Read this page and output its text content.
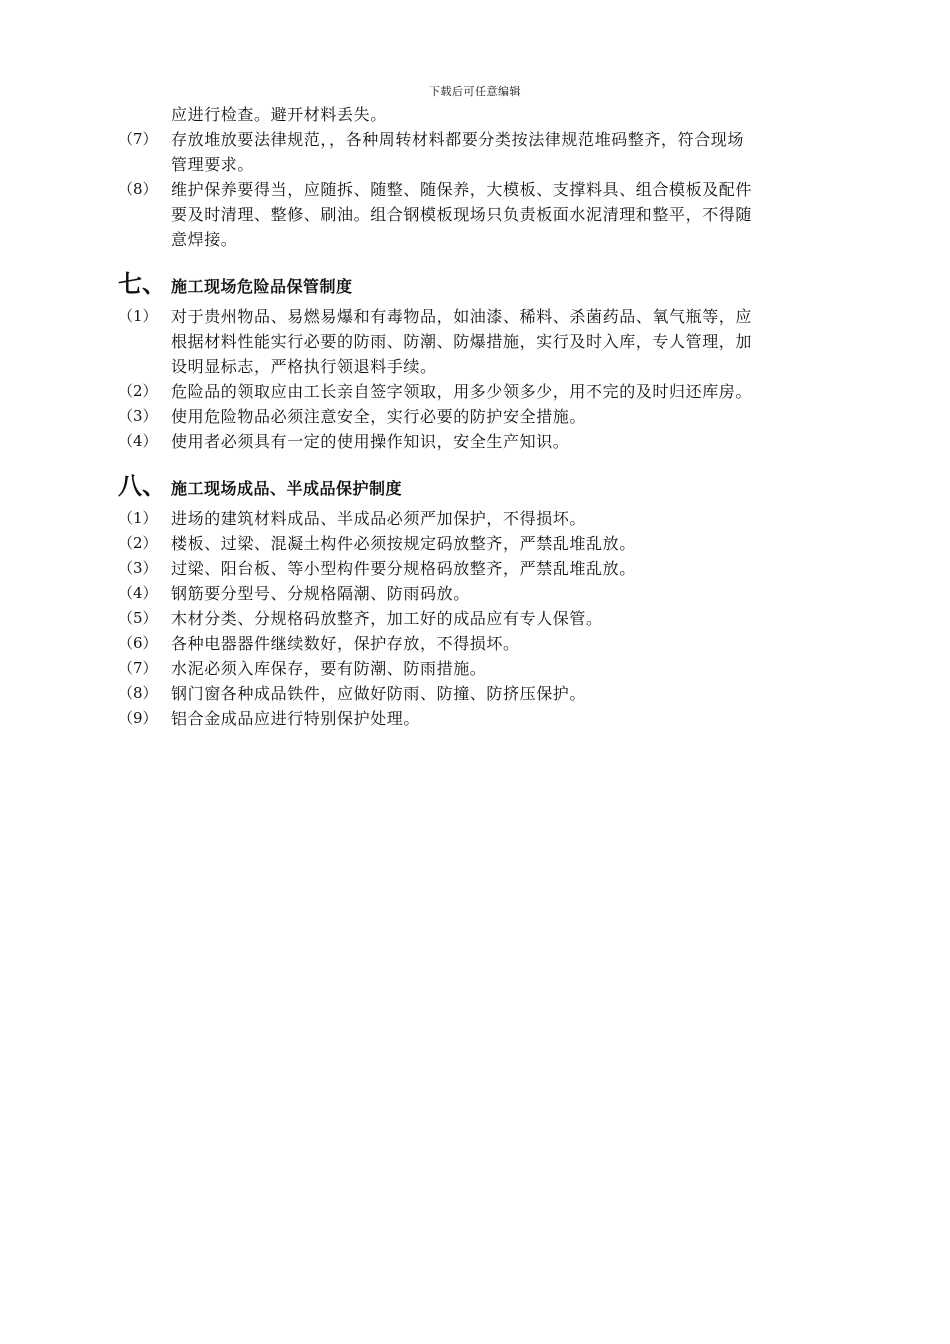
下载后可任意编辑
应进行检查。避开材料丢失。
（7） 存放堆放要法律规范，，各种周转材料都要分类按法律规范堆码整齐，符合现场
管理要求。
（8） 维护保养要得当，应随拆、随整、随保养，大模板、支撑料具、组合模板及配件
要及时清理、整修、刷油。组合钢模板现场只负责板面水泥清理和整平，不得随
意焊接。
七、 施工现场危险品保管制度
（1） 对于贵州物品、易燃易爆和有毒物品，如油漆、稀料、杀菌药品、氧气瓶等，应
根据材料性能实行必要的防雨、防潮、防爆措施，实行及时入库，专人管理，加
设明显标志，严格执行领退料手续。
（2） 危险品的领取应由工长亲自签字领取，用多少领多少，用不完的及时归还库房。
（3） 使用危险物品必须注意安全，实行必要的防护安全措施。
（4） 使用者必须具有一定的使用操作知识，安全生产知识。
八、 施工现场成品、半成品保护制度
（1） 进场的建筑材料成品、半成品必须严加保护，不得损坏。
（2） 楼板、过梁、混凝土构件必须按规定码放整齐，严禁乱堆乱放。
（3） 过梁、阳台板、等小型构件要分规格码放整齐，严禁乱堆乱放。
（4） 钢筋要分型号、分规格隔潮、防雨码放。
（5） 木材分类、分规格码放整齐，加工好的成品应有专人保管。
（6） 各种电器器件继续数好，保护存放，不得损坏。
（7） 水泥必须入库保存，要有防潮、防雨措施。
（8） 钢门窗各种成品铁件，应做好防雨、防撞、防挤压保护。
（9） 铝合金成品应进行特别保护处理。
